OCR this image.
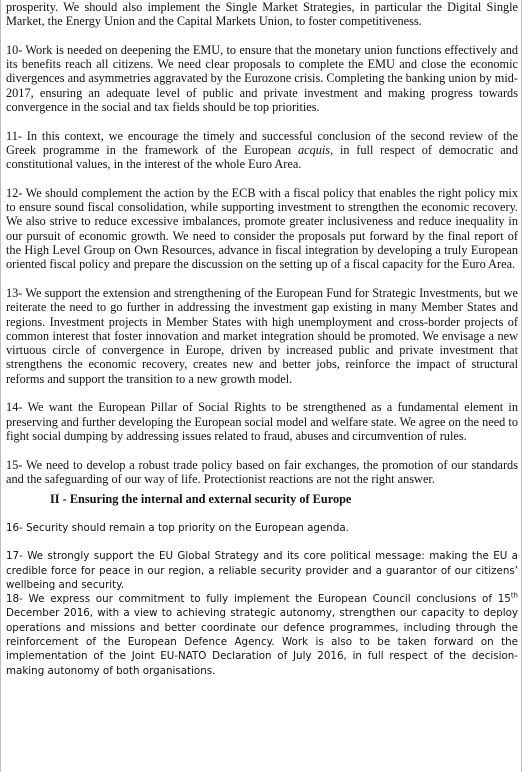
prosperity. We should also implement the Single Market Strategies, in particular the Digital Single Market, the Energy Union and the Capital Markets Union, to foster competitiveness.

10- Work is needed on deepening the EMU, to ensure that the monetary union functions effectively and its benefits reach all citizens. We need clear proposals to complete the EMU and close the economic divergences and asymmetries aggravated by the Eurozone crisis. Completing the banking union by mid-2017, ensuring an adequate level of public and private investment and making progress towards convergence in the social and tax fields should be top priorities.

11- In this context, we encourage the timely and successful conclusion of the second review of the Greek programme in the framework of the European acquis, in full respect of democratic and constitutional values, in the interest of the whole Euro Area.

12- We should complement the action by the ECB with a fiscal policy that enables the right policy mix to ensure sound fiscal consolidation, while supporting investment to strengthen the economic recovery. We also strive to reduce excessive imbalances, promote greater inclusiveness and reduce inequality in our pursuit of economic growth. We need to consider the proposals put forward by the final report of the High Level Group on Own Resources, advance in fiscal integration by developing a truly European oriented fiscal policy and prepare the discussion on the setting up of a fiscal capacity for the Euro Area.

13- We support the extension and strengthening of the European Fund for Strategic Investments, but we reiterate the need to go further in addressing the investment gap existing in many Member States and regions. Investment projects in Member States with high unemployment and cross-border projects of common interest that foster innovation and market integration should be promoted. We envisage a new virtuous circle of convergence in Europe, driven by increased public and private investment that strengthens the economic recovery, creates new and better jobs, reinforce the impact of structural reforms and support the transition to a new growth model.

14- We want the European Pillar of Social Rights to be strengthened as a fundamental element in preserving and further developing the European social model and welfare state. We agree on the need to fight social dumping by addressing issues related to fraud, abuses and circumvention of rules.

15- We need to develop a robust trade policy based on fair exchanges, the promotion of our standards and the safeguarding of our way of life. Protectionist reactions are not the right answer.

II - Ensuring the internal and external security of Europe

16- Security should remain a top priority on the European agenda.

17- We strongly support the EU Global Strategy and its core political message: making the EU a credible force for peace in our region, a reliable security provider and a guarantor of our citizens’ wellbeing and security.

18- We express our commitment to fully implement the European Council conclusions of 15th December 2016, with a view to achieving strategic autonomy, strengthen our capacity to deploy operations and missions and better coordinate our defence programmes, including through the reinforcement of the European Defence Agency. Work is also to be taken forward on the implementation of the Joint EU-NATO Declaration of July 2016, in full respect of the decision-making autonomy of both organisations.
